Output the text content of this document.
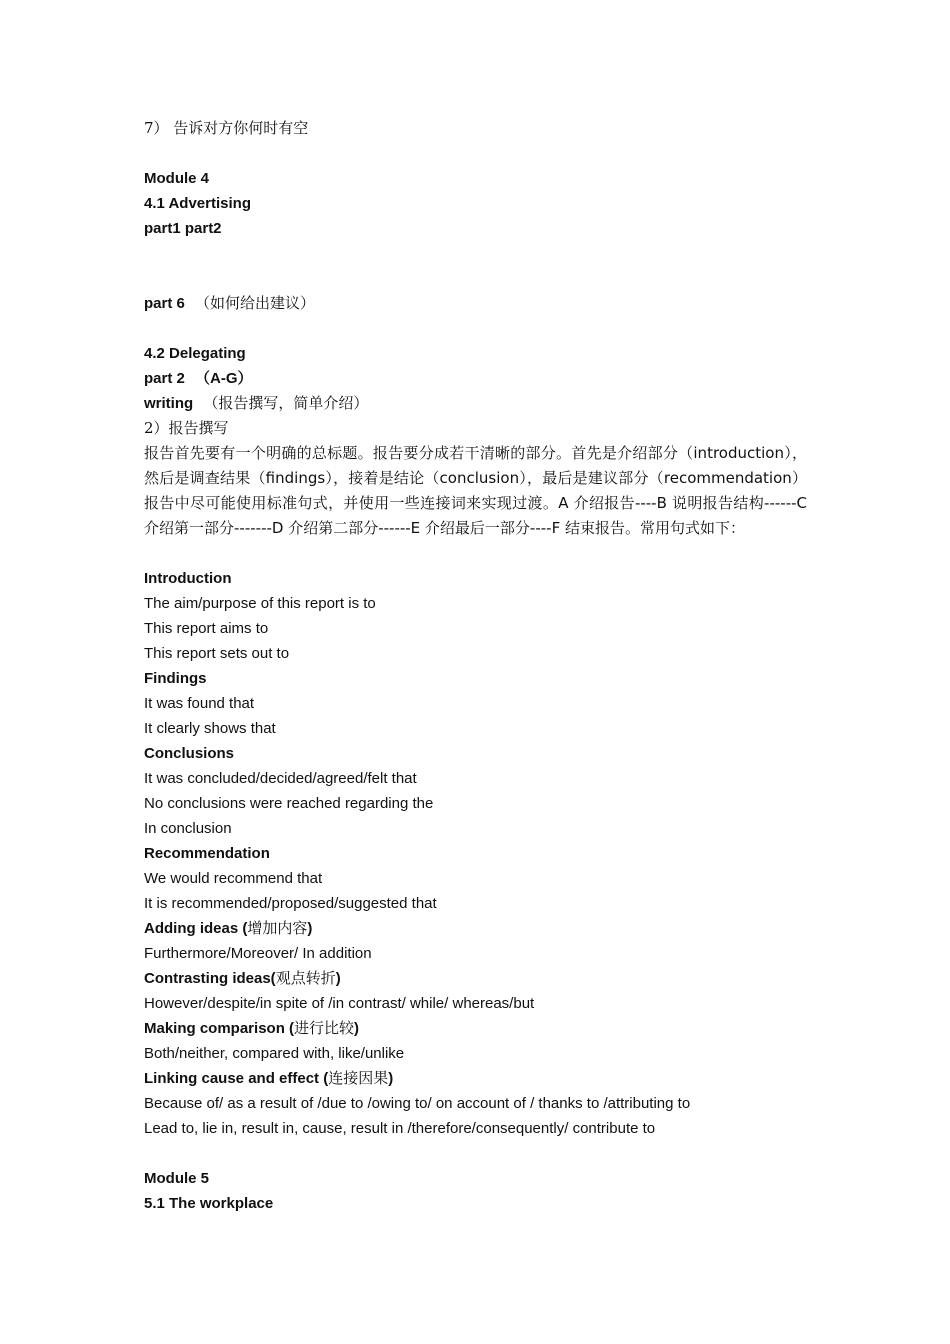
7） 告诉对方你何时有空
Module 4
4.1 Advertising
part1 part2
part 6 （如何给出建议）
4.2 Delegating
part 2 （A-G）
writing （报告撰写，简单介绍）
2）报告撰写
报告首先要有一个明确的总标题。报告要分成若干清晰的部分。首先是介绍部分（introduction），然后是调查结果（findings），接着是结论（conclusion），最后是建议部分（recommendation）报告中尽可能使用标准句式，并使用一些连接词来实现过渡。A 介绍报告----B 说明报告结构------C 介绍第一部分-------D 介绍第二部分------E 介绍最后一部分----F 结束报告。常用句式如下：
Introduction
The aim/purpose of this report is to
This report aims to
This report sets out to
Findings
It was found that
It clearly shows that
Conclusions
It was concluded/decided/agreed/felt that
No conclusions were reached regarding the
In conclusion
Recommendation
We would recommend that
It is recommended/proposed/suggested that
Adding ideas (增加内容)
Furthermore/Moreover/ In addition
Contrasting ideas(观点转折)
However/despite/in spite of /in contrast/ while/ whereas/but
Making comparison (进行比较)
Both/neither, compared with, like/unlike
Linking cause and effect (连接因果)
Because of/ as a result of /due to /owing to/ on account of / thanks to /attributing to
Lead to, lie in, result in, cause, result in /therefore/consequently/ contribute to
Module 5
5.1 The workplace
